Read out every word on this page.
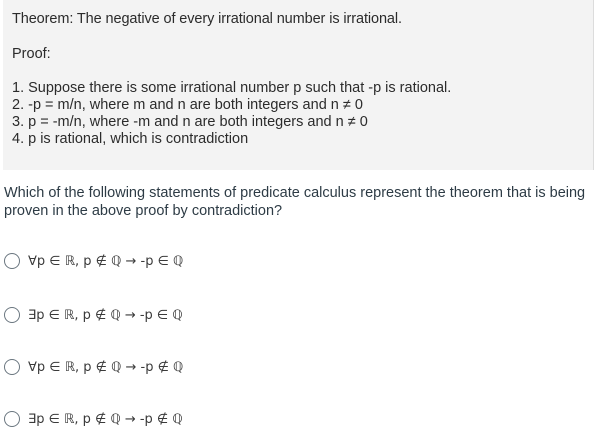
Theorem: The negative of every irrational number is irrational.
Proof:
1. Suppose there is some irrational number p such that -p is rational.
2. -p = m/n, where m and n are both integers and n ≠ 0
3. p = -m/n, where -m and n are both integers and n ≠ 0
4. p is rational, which is contradiction
Which of the following statements of predicate calculus represent the theorem that is being proven in the above proof by contradiction?
∀p ∈ ℝ, p ∉ ℚ → -p ∈ ℚ
∃p ∈ ℝ, p ∉ ℚ → -p ∈ ℚ
∀p ∈ ℝ, p ∉ ℚ → -p ∉ ℚ
∃p ∈ ℝ, p ∉ ℚ → -p ∉ ℚ
